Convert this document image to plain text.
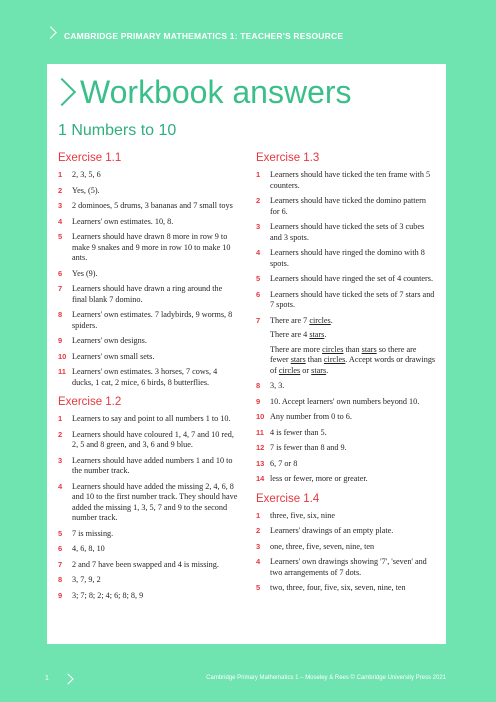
CAMBRIDGE PRIMARY MATHEMATICS 1: TEACHER'S RESOURCE
Workbook answers
1 Numbers to 10
Exercise 1.1
1	2, 3, 5, 6

2	Yes, (5).

3	2 dominoes, 5 drums, 3 bananas and 7 small toys

4	Learners' own estimates. 10, 8.

5	Learners should have drawn 8 more in row 9 to make 9 snakes and 9 more in row 10 to make 10 ants.

6	Yes (9).

7	Learners should have drawn a ring around the final blank 7 domino.

8	Learners' own estimates. 7 ladybirds, 9 worms, 8 spiders.

9	Learners' own designs.

10 Learners' own small sets.

11 Learners' own estimates. 3 horses, 7 cows, 4 ducks, 1 cat, 2 mice, 6 birds, 8 butterflies.

Exercise 1.2
1	Learners to say and point to all numbers 1 to 10.

2	Learners should have coloured 1, 4, 7 and 10 red, 2, 5 and 8 green, and 3, 6 and 9 blue.

3	Learners should have added numbers 1 and 10 to the number track.

4	Learners should have added the missing 2, 4, 6, 8 and 10 to the first number track. They should have added the missing 1, 3, 5, 7 and 9 to the second number track.

5	7 is missing.

6	4, 6, 8, 10

7	2 and 7 have been swapped and 4 is missing.

8	3, 7, 9, 2

9	3; 7; 8; 2; 4; 6; 8; 8, 9

Exercise 1.3
1	Learners should have ticked the ten frame with 5 counters.

2	Learners should have ticked the domino pattern for 6.

3	Learners should have ticked the sets of 3 cubes and 3 spots.

4	Learners should have ringed the domino with 8 spots.

5	Learners should have ringed the set of 4 counters.

6	Learners should have ticked the sets of 7 stars and 7 spots.

7	There are 7 circles.

There are 4 stars.

There are more circles than stars so there are fewer stars than circles. Accept words or drawings of circles or stars.

8	3, 3.

9	10. Accept learners' own numbers beyond 10.

10 Any number from 0 to 6.

11 4 is fewer than 5.

12 7 is fewer than 8 and 9.

13 6, 7 or 8

14 less or fewer, more or greater.

Exercise 1.4
1	three, five, six, nine

2	Learners' drawings of an empty plate.

3	one, three, five, seven, nine, ten

4	Learners' own drawings showing '7', 'seven' and two arrangements of 7 dots.

5	two, three, four, five, six, seven, nine, ten

1	Cambridge Primary Mathematics 1 – Moseley & Rees © Cambridge University Press 2021
